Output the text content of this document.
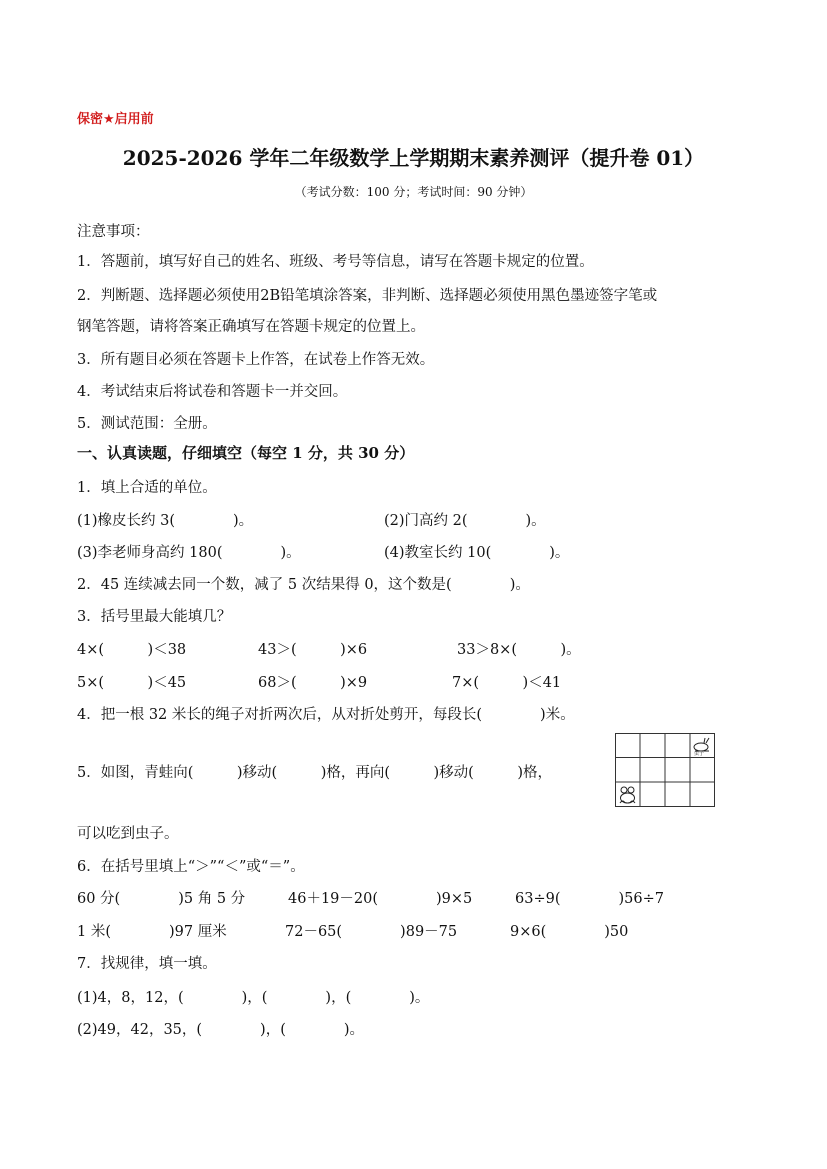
保密★启用前
2025-2026 学年二年级数学上学期期末素养测评（提升卷 01）
（考试分数：100 分；考试时间：90 分钟）
注意事项：
1．答题前，填写好自己的姓名、班级、考号等信息，请写在答题卡规定的位置。
2．判断题、选择题必须使用2B铅笔填涂答案，非判断、选择题必须使用黑色墨迹签字笔或
钢笔答题，请将答案正确填写在答题卡规定的位置上。
3．所有题目必须在答题卡上作答，在试卷上作答无效。
4．考试结束后将试卷和答题卡一并交回。
5．测试范围：全册。
一、认真读题，仔细填空（每空 1 分，共 30 分）
1．填上合适的单位。
(1)橡皮长约 3(　　　　)。	(2)门高约 2(　　　　)。
(3)李老师身高约 180(　　　　)。	(4)教室长约 10(　　　　)。
2．45 连续减去同一个数，减了 5 次结果得 0，这个数是(　　　　)。
3．括号里最大能填几？
4×(　　　)＜38	43＞(　　　)×6	33＞8×(　　　)。
5×(　　　)＜45	68＞(　　　)×9	7×(　　　)＜41
4．把一根 32 米长的绳子对折两次后，从对折处剪开，每段长(　　　　)米。
5．如图，青蛙向(　　　)移动(　　　)格，再向(　　　)移动(　　　)格，
虫子
可以吃到虫子。
6．在括号里填上“＞”“＜”或“＝”。
60 分(　　　　)5 角 5 分	46＋19－20(　　　　)9×5	63÷9(　　　　)56÷7
1 米(　　　　)97 厘米	72－65(　　　　)89－75	9×6(　　　　)50
7．找规律，填一填。
(1)4，8，12，(　　　　)，(　　　　)，(　　　　)。
(2)49，42，35，(　　　　)，(　　　　)。
